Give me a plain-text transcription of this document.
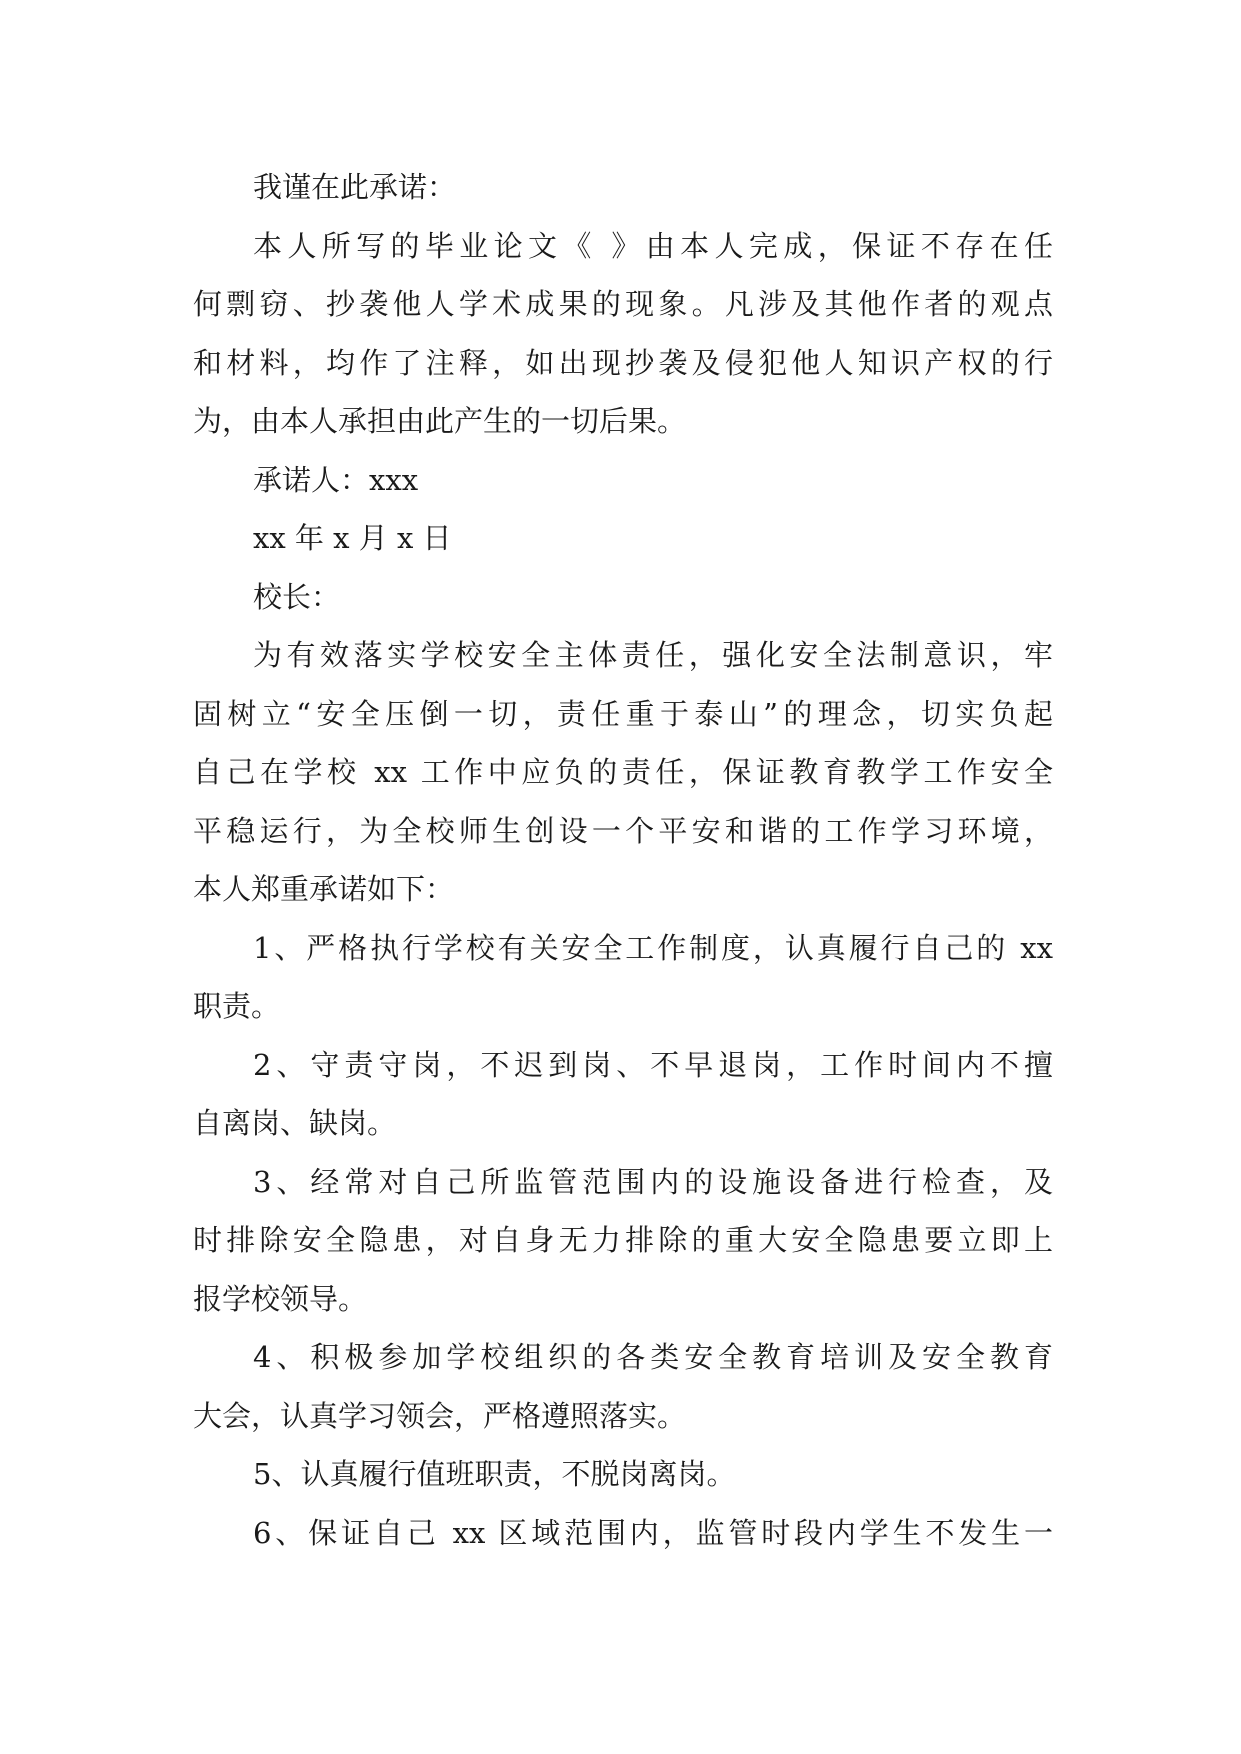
我谨在此承诺：
本人所写的毕业论文《 》由本人完成，保证不存在任
何剽窃、抄袭他人学术成果的现象。凡涉及其他作者的观点
和材料，均作了注释，如出现抄袭及侵犯他人知识产权的行
为，由本人承担由此产生的一切后果。
承诺人：xxx
xx 年 x 月 x 日
校长：
为有效落实学校安全主体责任，强化安全法制意识，牢
固树立“安全压倒一切，责任重于泰山”的理念，切实负起
自己在学校 xx 工作中应负的责任，保证教育教学工作安全
平稳运行，为全校师生创设一个平安和谐的工作学习环境，
本人郑重承诺如下：
1、严格执行学校有关安全工作制度，认真履行自己的 xx
职责。
2、守责守岗，不迟到岗、不早退岗，工作时间内不擅
自离岗、缺岗。
3、经常对自己所监管范围内的设施设备进行检查，及
时排除安全隐患，对自身无力排除的重大安全隐患要立即上
报学校领导。
4、积极参加学校组织的各类安全教育培训及安全教育
大会，认真学习领会，严格遵照落实。
5、认真履行值班职责，不脱岗离岗。
6、保证自己 xx 区域范围内，监管时段内学生不发生一
